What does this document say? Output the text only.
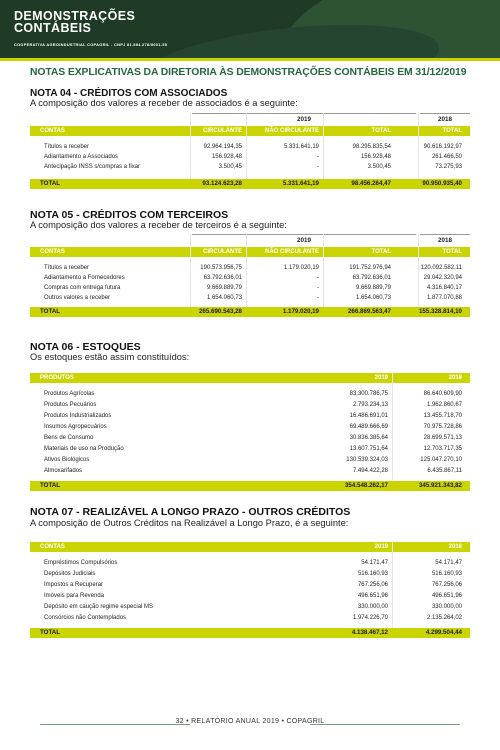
DEMONSTRAÇÕES
CONTÁBEIS
COOPERATIVA AGROINDUSTRIAL COPAGRIL - CNPJ 81.584.278/0001-55
NOTAS EXPLICATIVAS DA DIRETORIA ÀS DEMONSTRAÇÕES CONTÁBEIS EM 31/12/2019
NOTA 04 - CRÉDITOS COM ASSOCIADOS
A composição dos valores a receber de associados é a seguinte:
2019	2018
CONTAS	CIRCULANTE	NÃO CIRCULANTE	TOTAL	TOTAL
Títulos a receber	92.964.194,35	5.331.641,19	98.295.835,54	90.616.192,97
Adiantamento a Associados	156.928,48	-	156.928,48	261.466,50
Antecipação INSS s/compras a fixar	3.500,45	-	3.500,45	73.275,93
TOTAL	93.124.623,28	5.331.641,19	98.456.264,47	90.950.935,40
NOTA 05 - CRÉDITOS COM TERCEIROS
A composição dos valores a receber de terceiros é a seguinte:
2019	2018
CONTAS	CIRCULANTE	NÃO CIRCULANTE	TOTAL	TOTAL
Títulos a receber	190.573.956,75	1.179.020,19	191.752.976,94	120.092.582,11
Adiantamento a Fornecedores	63.792.636,01	-	63.792.636,01	29.042.320,94
Compras com entrega futura	9.669.889,79	-	9.669.889,79	4.316.840,17
Outros valores a receber	1.654.060,73	-	1.654.060,73	1.877.070,88
TOTAL	265.690.543,28	1.179.020,19	266.869.563,47	155.328.814,10
NOTA 06 - ESTOQUES
Os estoques estão assim constituídos:
PRODUTOS	2019	2018
Produtos Agrícolas	83.300.786,75	86.640.609,90
Produtos Pecuários	2.793.234,13	1.962.860,67
Produtos Industrializados	16.486.691,01	13.455.718,70
Insumos Agropecuários	69.489.666,69	70.975.728,86
Bens de Consumo	30.836.385,64	28.699.571,13
Materiais de uso na Produção	13.607.751,64	12.703.717,35
Ativos Biológicos	130.539.324,03	125.047.270,10
Almoxarifados	7.494.422,28	6.435.867,11
TOTAL	354.548.262,17	345.921.343,82
NOTA 07 - REALIZÁVEL A LONGO PRAZO - OUTROS CRÉDITOS
A composição de Outros Créditos na Realizável a Longo Prazo, é a seguinte:
CONTAS	2019	2018
Empréstimos Compulsórios	54.171,47	54.171,47
Depósitos Judiciais	516.160,93	516.160,93
Impostos a Recuperar	767.256,06	767.256,06
Imóveis para Revenda	496.651,96	496.651,96
Depósito em caução regime especial MS	330.000,00	330.000,00
Consórcios não Contemplados	1.974.226,70	2.135.264,02
TOTAL	4.138.467,12	4.299.504,44
32 • RELATÓRIO ANUAL 2019 • COPAGRIL
